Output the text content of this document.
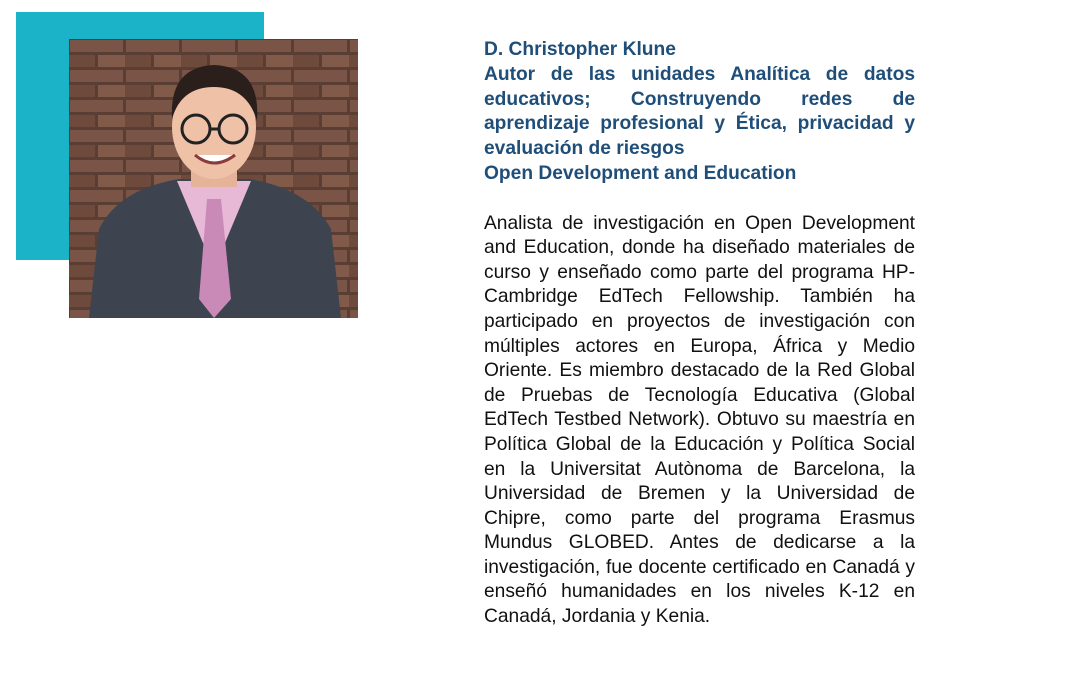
D. Christopher Klune

Autor de las unidades Analítica de datos educativos; Construyendo redes de aprendizaje profesional y Ética, privacidad y evaluación de riesgos

Open Development and Education

Analista de investigación en Open Development and Education, donde ha diseñado materiales de curso y enseñado como parte del programa HP-Cambridge EdTech Fellowship. También ha participado en proyectos de investigación con múltiples actores en Europa, África y Medio Oriente. Es miembro destacado de la Red Global de Pruebas de Tecnología Educativa (Global EdTech Testbed Network). Obtuvo su maestría en Política Global de la Educación y Política Social en la Universitat Autònoma de Barcelona, la Universidad de Bremen y la Universidad de Chipre, como parte del programa Erasmus Mundus GLOBED. Antes de dedicarse a la investigación, fue docente certificado en Canadá y enseñó humanidades en los niveles K-12 en Canadá, Jordania y Kenia.
